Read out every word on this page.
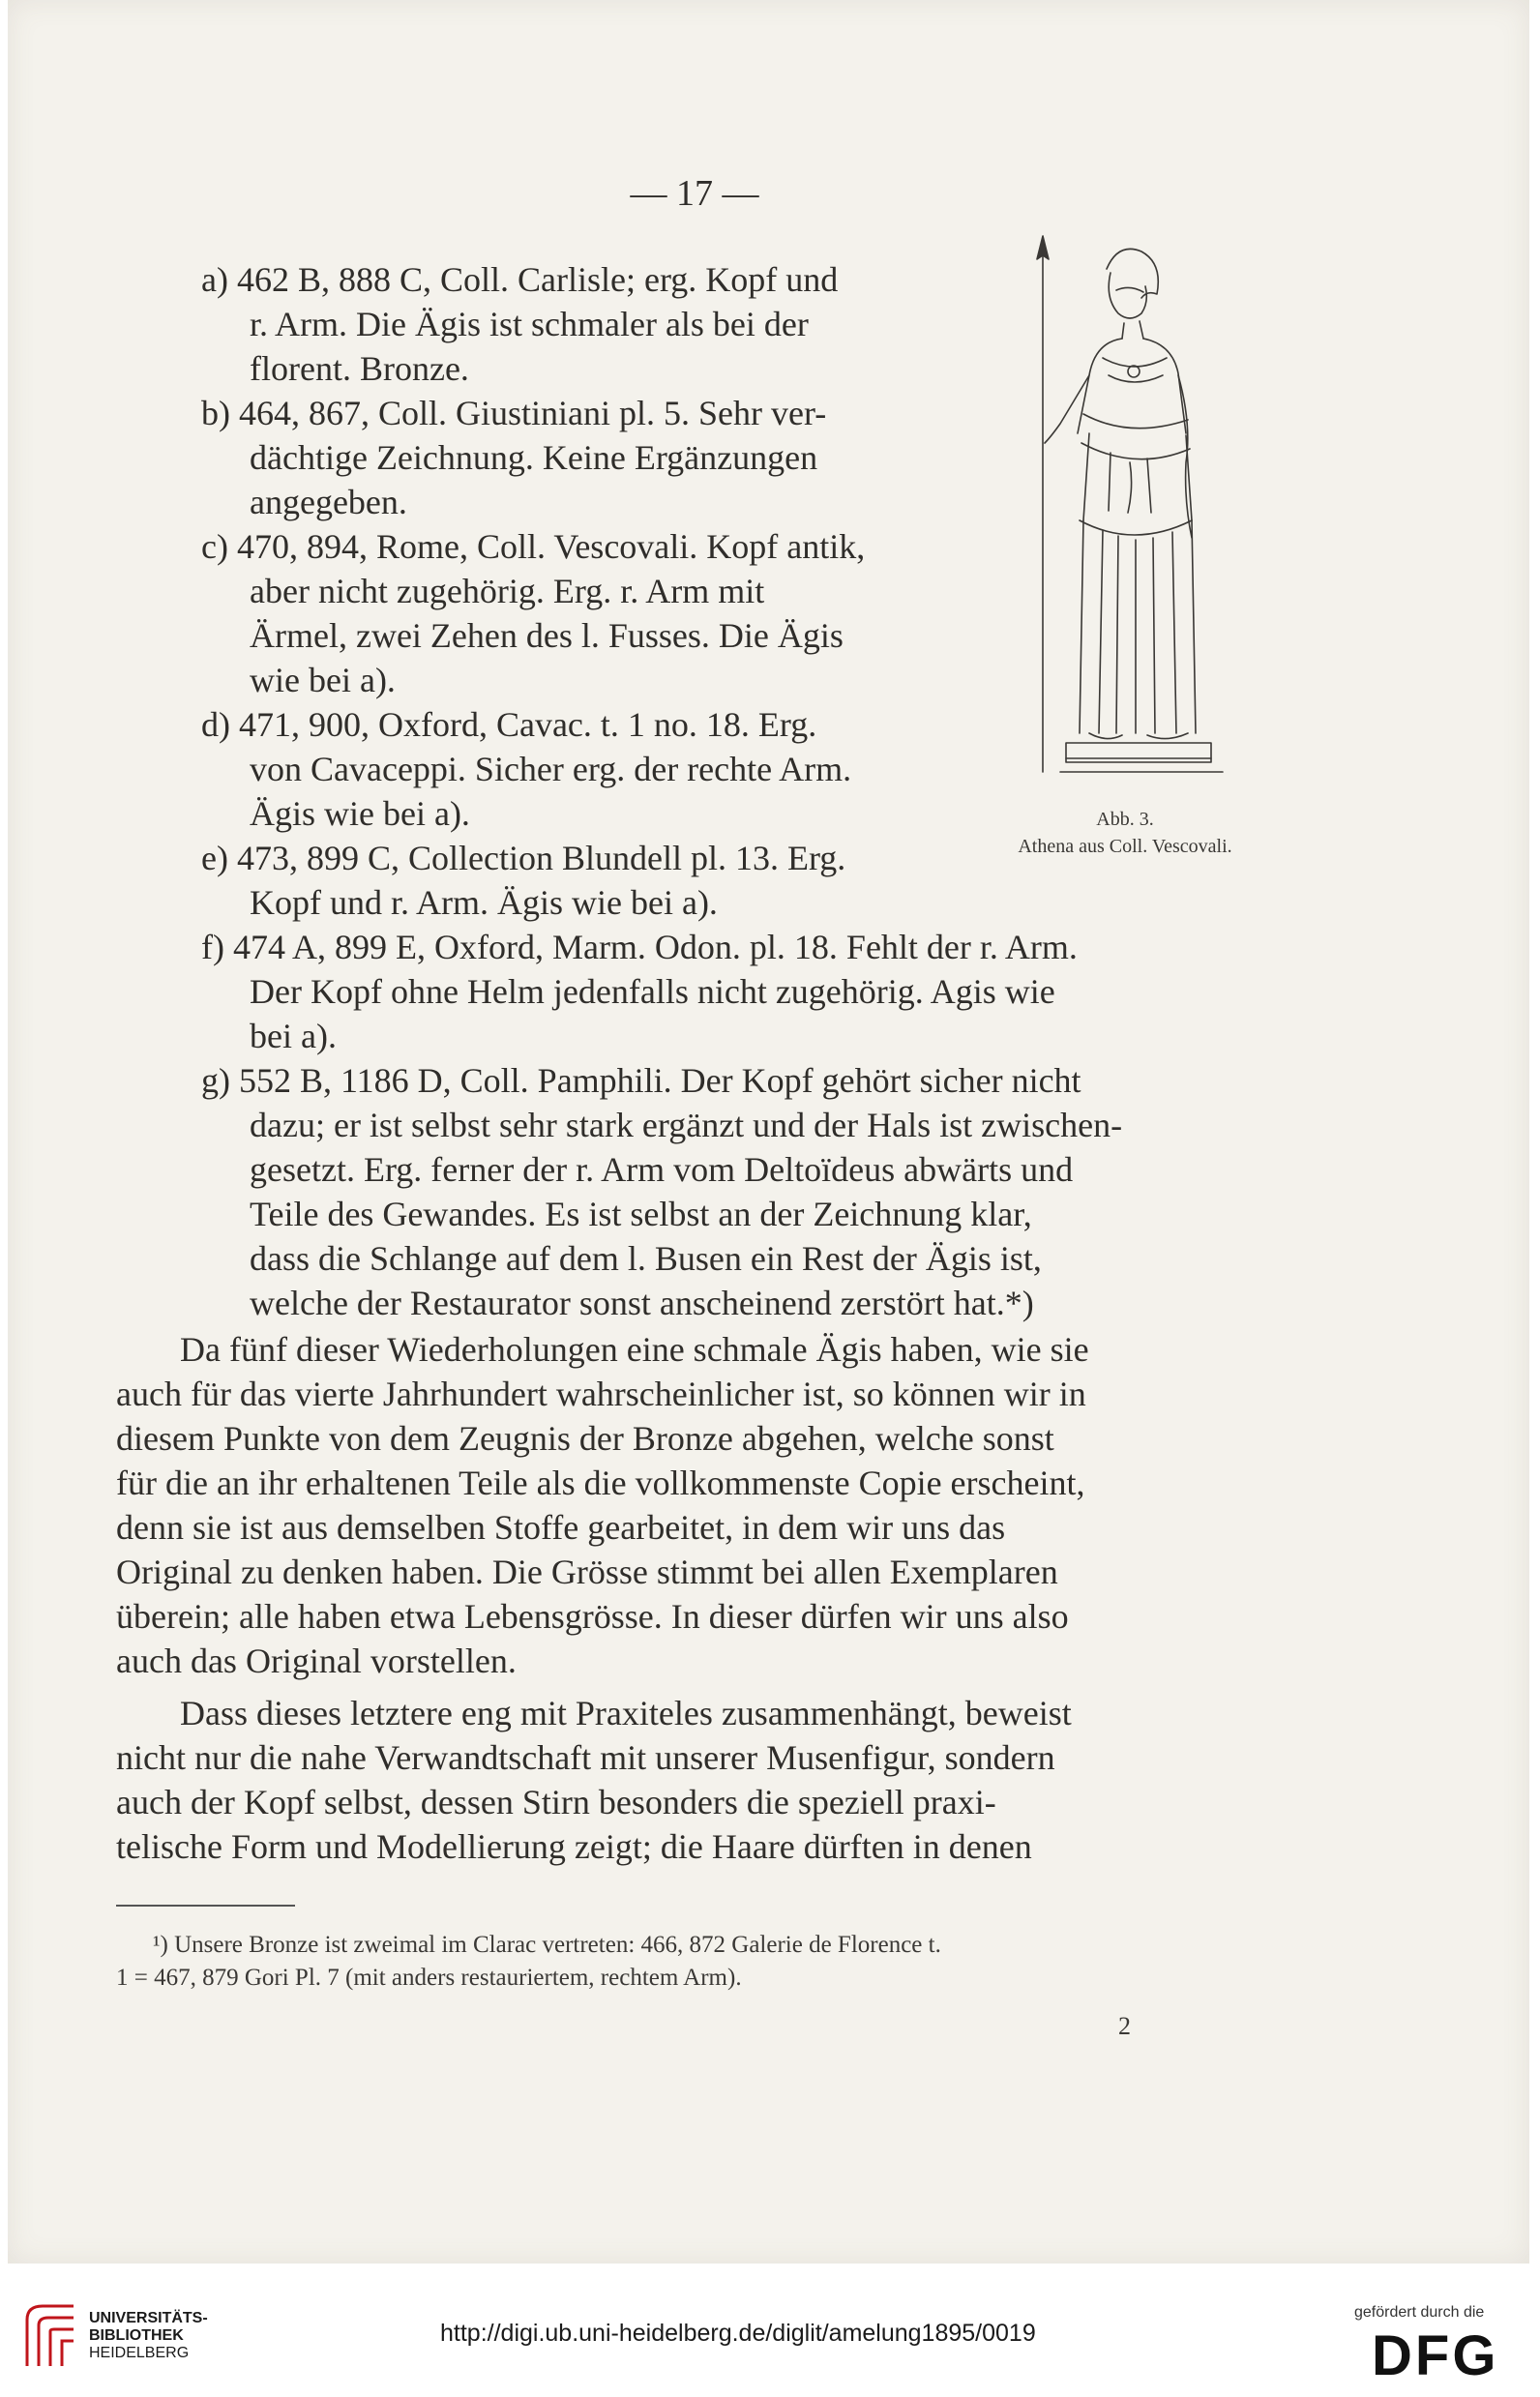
— 17 —
a) 462 B, 888 C, Coll. Carlisle; erg. Kopf und
r. Arm. Die Ägis ist schmaler als bei der
florent. Bronze.
b) 464, 867, Coll. Giustiniani pl. 5. Sehr ver-
dächtige Zeichnung. Keine Ergänzungen
angegeben.
c) 470, 894, Rome, Coll. Vescovali. Kopf antik,
aber nicht zugehörig. Erg. r. Arm mit
Ärmel, zwei Zehen des l. Fusses. Die Ägis
wie bei a).
d) 471, 900, Oxford, Cavac. t. 1 no. 18. Erg.
von Cavaceppi. Sicher erg. der rechte Arm.
Ägis wie bei a).
e) 473, 899 C, Collection Blundell pl. 13. Erg.
Kopf und r. Arm. Ägis wie bei a).
f) 474 A, 899 E, Oxford, Marm. Odon. pl. 18. Fehlt der r. Arm.
Der Kopf ohne Helm jedenfalls nicht zugehörig. Agis wie
bei a).
g) 552 B, 1186 D, Coll. Pamphili. Der Kopf gehört sicher nicht
dazu; er ist selbst sehr stark ergänzt und der Hals ist zwischen-
gesetzt. Erg. ferner der r. Arm vom Deltoïdeus abwärts und
Teile des Gewandes. Es ist selbst an der Zeichnung klar,
dass die Schlange auf dem l. Busen ein Rest der Ägis ist,
welche der Restaurator sonst anscheinend zerstört hat.*)
Da fünf dieser Wiederholungen eine schmale Ägis haben, wie sie
auch für das vierte Jahrhundert wahrscheinlicher ist, so können wir in
diesem Punkte von dem Zeugnis der Bronze abgehen, welche sonst
für die an ihr erhaltenen Teile als die vollkommenste Copie erscheint,
denn sie ist aus demselben Stoffe gearbeitet, in dem wir uns das
Original zu denken haben. Die Grösse stimmt bei allen Exemplaren
überein; alle haben etwa Lebensgrösse. In dieser dürfen wir uns also
auch das Original vorstellen.
Dass dieses letztere eng mit Praxiteles zusammenhängt, beweist
nicht nur die nahe Verwandtschaft mit unserer Musenfigur, sondern
auch der Kopf selbst, dessen Stirn besonders die speziell praxi-
telische Form und Modellierung zeigt; die Haare dürften in denen
Abb. 3.
Athena aus Coll. Vescovali.
¹) Unsere Bronze ist zweimal im Clarac vertreten: 466, 872 Galerie de Florence t.
1 = 467, 879 Gori Pl. 7 (mit anders restauriertem, rechtem Arm).
2
UNIVERSITÄTS-
BIBLIOTHEK
HEIDELBERG
http://digi.ub.uni-heidelberg.de/diglit/amelung1895/0019
gefördert durch die
DFG
